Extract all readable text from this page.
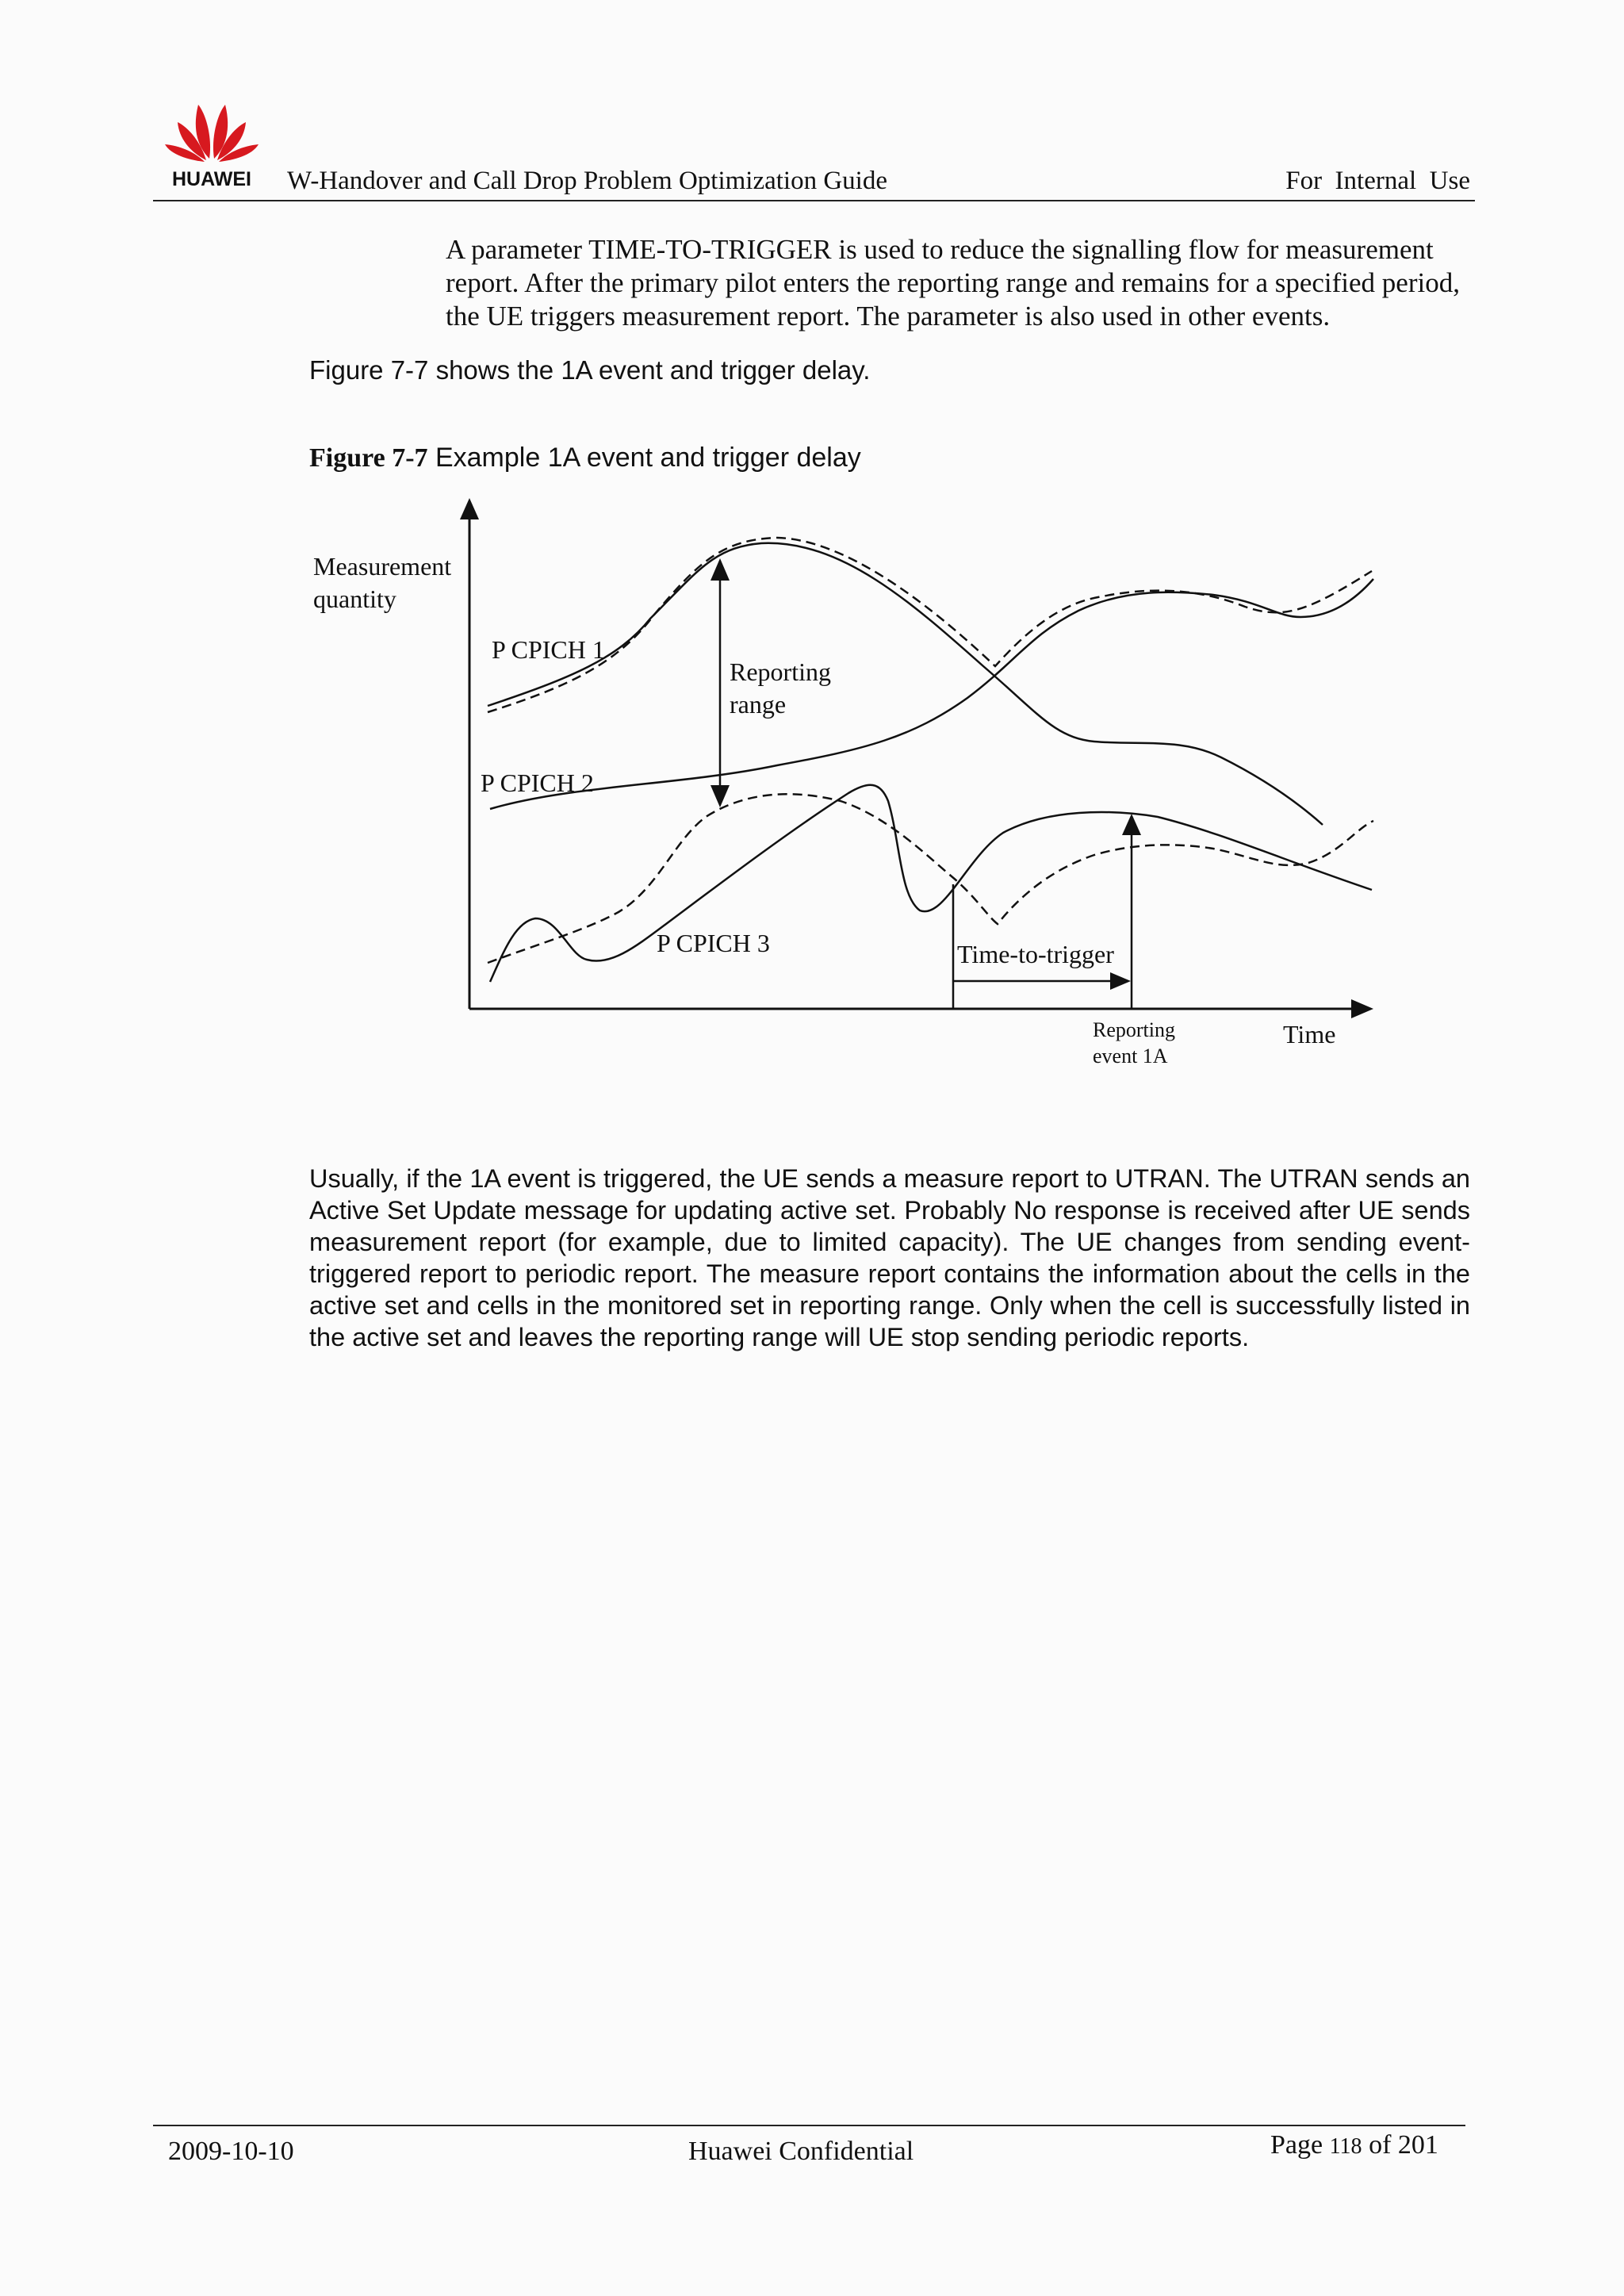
HUAWEI W-Handover and Call Drop Problem Optimization Guide	For  Internal  Use
A parameter TIME-TO-TRIGGER is used to reduce the signalling flow for measurement report. After the primary pilot enters the reporting range and remains for a specified period, the UE triggers measurement report. The parameter is also used in other events.
Figure 7-7 shows the 1A event and trigger delay.
Figure 7-7 Example 1A event and trigger delay
Measurement
quantity
P CPICH 1
Reporting
range
P CPICH 2
P CPICH 3	Time-to-trigger
Reporting
event 1A
Time
Usually, if the 1A event is triggered, the UE sends a measure report to UTRAN. The UTRAN sends an Active Set Update message for updating active set. Probably No response is received after UE sends measurement report (for example, due to limited capacity). The UE changes from sending event-triggered report to periodic report. The measure report contains the information about the cells in the active set and cells in the monitored set in reporting range. Only when the cell is successfully listed in the active set and leaves the reporting range will UE stop sending periodic reports.
2009-10-10	Huawei Confidential	Page 118 of 201
